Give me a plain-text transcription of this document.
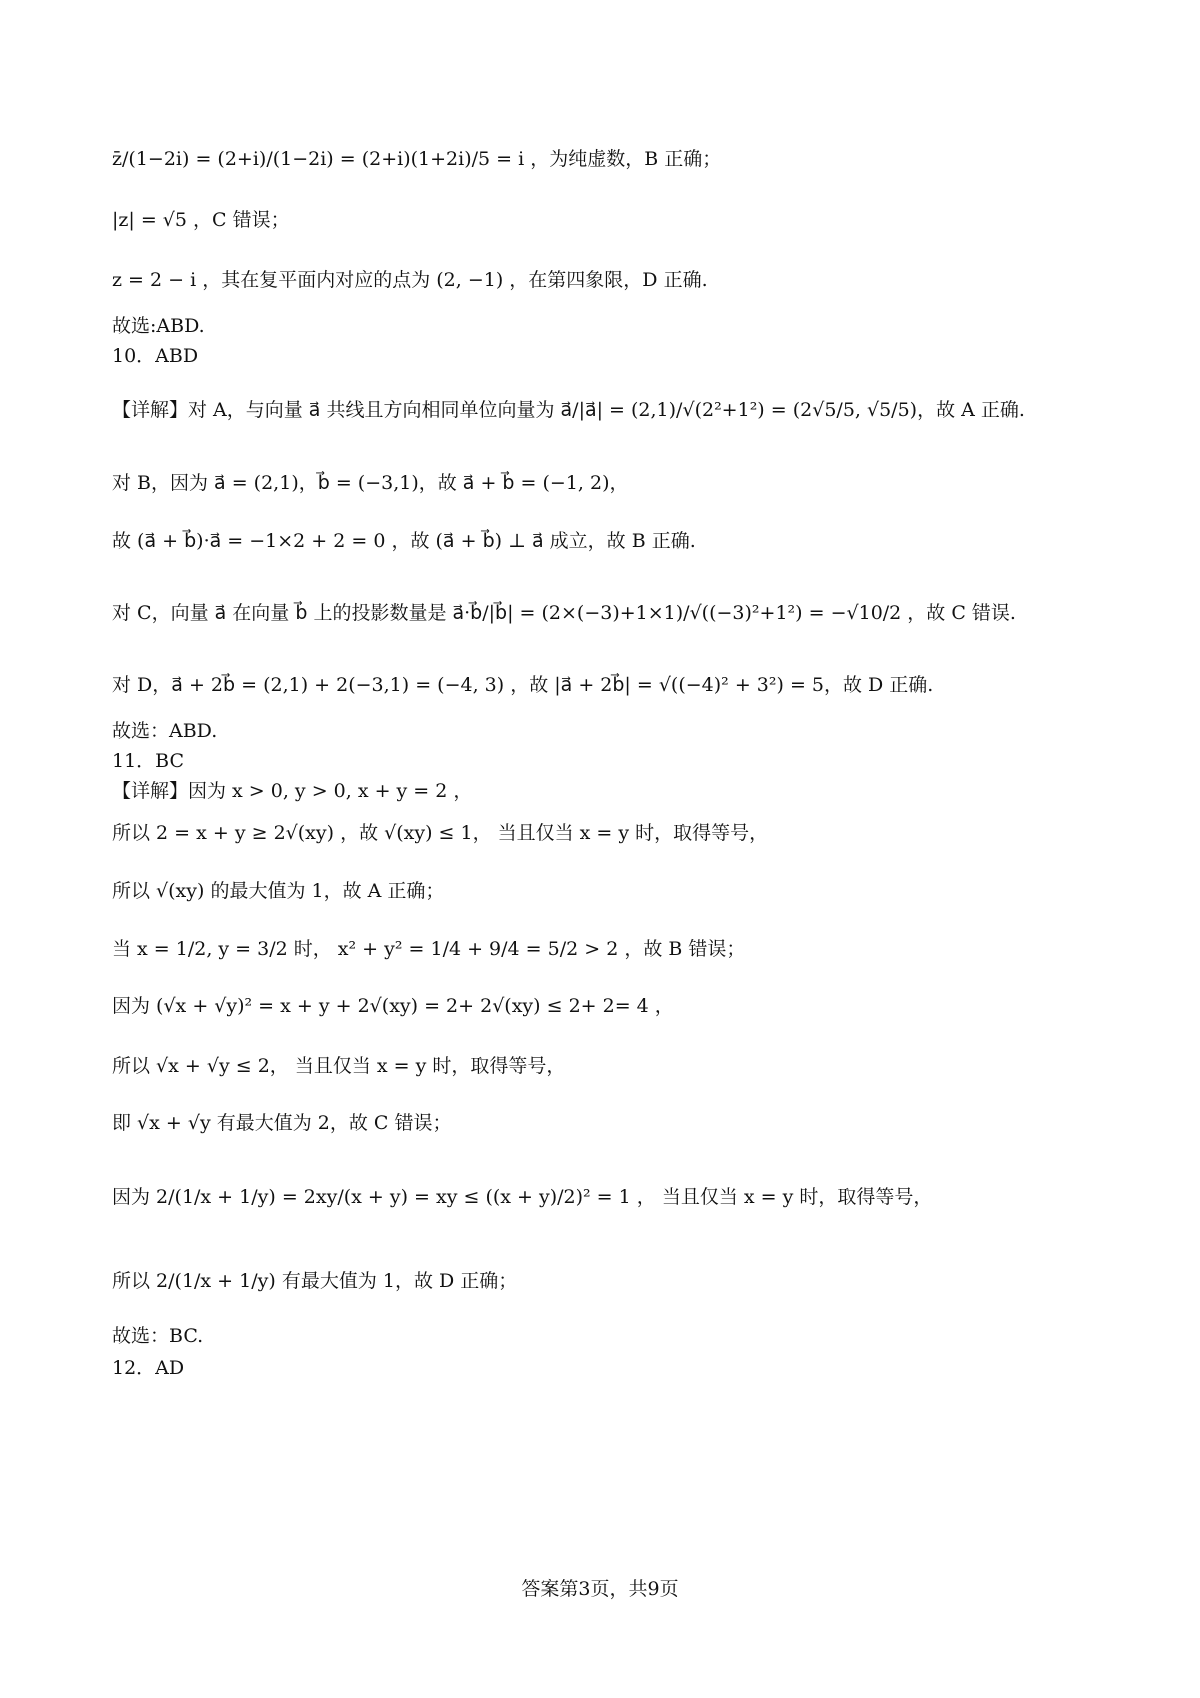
z̄/(1−2i) = (2+i)/(1−2i) = (2+i)(1+2i)/5 = i ，为纯虚数，B 正确；
|z| = √5 ，C 错误；
z = 2 − i ，其在复平面内对应的点为 (2, −1) ，在第四象限，D 正确.
故选:ABD.
10．ABD
【详解】对 A，与向量 a⃗ 共线且方向相同单位向量为 a⃗/|a⃗| = (2,1)/√(2²+1²) = (2√5/5, √5/5)，故 A 正确.
对 B，因为 a⃗ = (2,1)，b⃗ = (−3,1)，故 a⃗ + b⃗ = (−1, 2)，
故 (a⃗ + b⃗)·a⃗ = −1×2 + 2 = 0 ，故 (a⃗ + b⃗) ⊥ a⃗ 成立，故 B 正确.
对 C，向量 a⃗ 在向量 b⃗ 上的投影数量是 a⃗·b⃗/|b⃗| = (2×(−3)+1×1)/√((−3)²+1²) = −√10/2 ，故 C 错误.
对 D，a⃗ + 2b⃗ = (2,1) + 2(−3,1) = (−4, 3) ，故 |a⃗ + 2b⃗| = √((−4)² + 3²) = 5，故 D 正确.
故选：ABD.
11．BC
【详解】因为 x > 0, y > 0, x + y = 2 ，
所以 2 = x + y ≥ 2√(xy) ，故 √(xy) ≤ 1， 当且仅当 x = y 时，取得等号，
所以 √(xy) 的最大值为 1，故 A 正确；
当 x = 1/2, y = 3/2 时， x² + y² = 1/4 + 9/4 = 5/2 > 2 ，故 B 错误；
因为 (√x + √y)² = x + y + 2√(xy) = 2+ 2√(xy) ≤ 2+ 2= 4 ，
所以 √x + √y ≤ 2， 当且仅当 x = y 时，取得等号，
即 √x + √y 有最大值为 2，故 C 错误；
因为 2/(1/x + 1/y) = 2xy/(x + y) = xy ≤ ((x + y)/2)² = 1 ， 当且仅当 x = y 时，取得等号，
所以 2/(1/x + 1/y) 有最大值为 1，故 D 正确；
故选：BC.
12．AD
答案第3页，共9页
